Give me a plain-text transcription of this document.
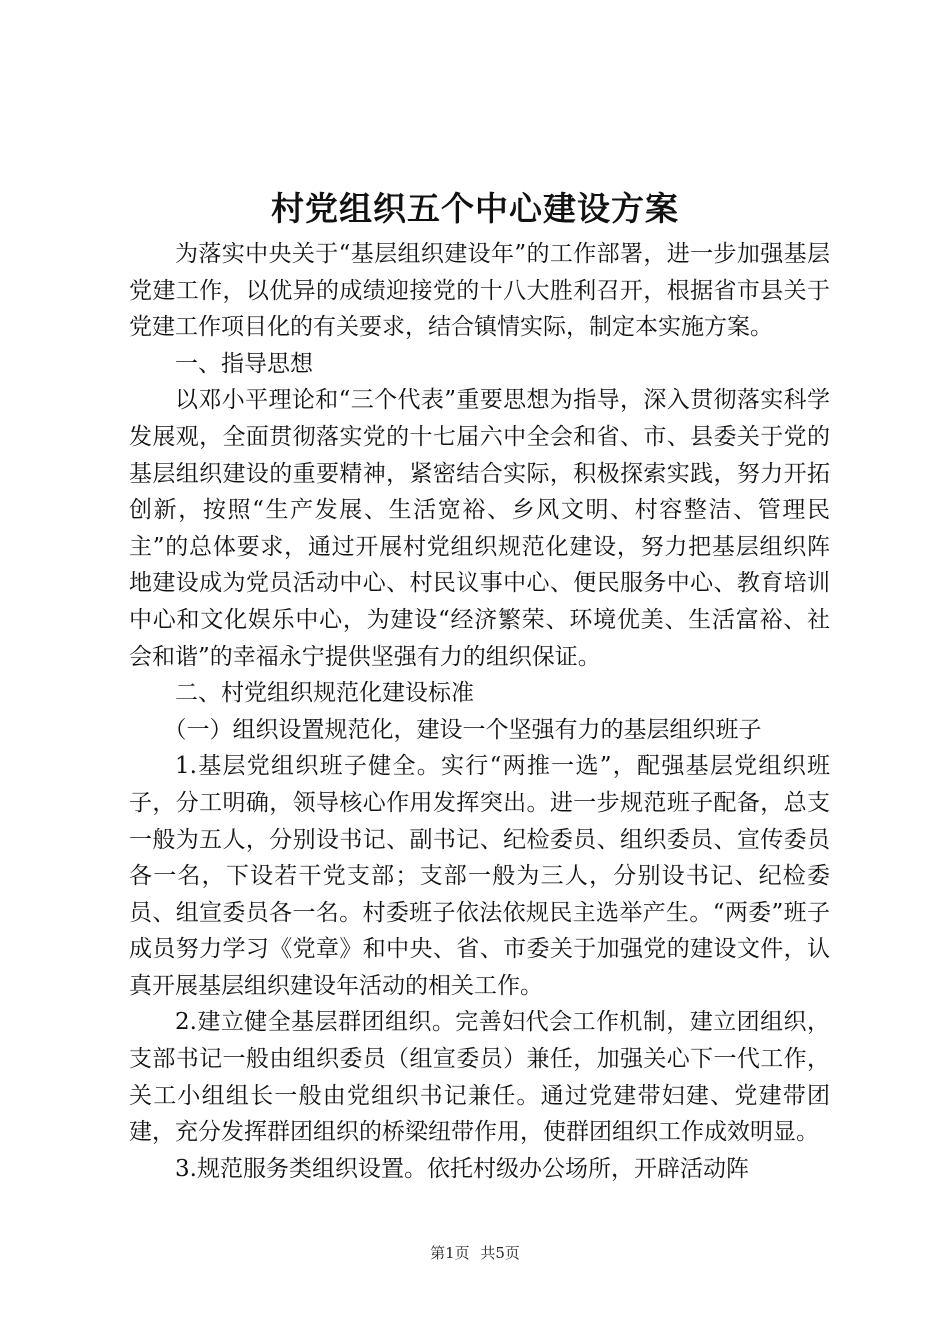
村党组织五个中心建设方案

为落实中央关于“基层组织建设年”的工作部署，进一步加强基层党建工作，以优异的成绩迎接党的十八大胜利召开，根据省市县关于党建工作项目化的有关要求，结合镇情实际，制定本实施方案。

一、指导思想

以邓小平理论和“三个代表”重要思想为指导，深入贯彻落实科学发展观，全面贯彻落实党的十七届六中全会和省、市、县委关于党的基层组织建设的重要精神，紧密结合实际，积极探索实践，努力开拓创新，按照“生产发展、生活宽裕、乡风文明、村容整洁、管理民主”的总体要求，通过开展村党组织规范化建设，努力把基层组织阵地建设成为党员活动中心、村民议事中心、便民服务中心、教育培训中心和文化娱乐中心，为建设“经济繁荣、环境优美、生活富裕、社会和谐”的幸福永宁提供坚强有力的组织保证。

二、村党组织规范化建设标准

（一）组织设置规范化，建设一个坚强有力的基层组织班子

1.基层党组织班子健全。实行“两推一选”，配强基层党组织班子，分工明确，领导核心作用发挥突出。进一步规范班子配备，总支一般为五人，分别设书记、副书记、纪检委员、组织委员、宣传委员各一名，下设若干党支部；支部一般为三人，分别设书记、纪检委员、组宣委员各一名。村委班子依法依规民主选举产生。“两委”班子成员努力学习《党章》和中央、省、市委关于加强党的建设文件，认真开展基层组织建设年活动的相关工作。

2.建立健全基层群团组织。完善妇代会工作机制，建立团组织，支部书记一般由组织委员（组宣委员）兼任，加强关心下一代工作，关工小组组长一般由党组织书记兼任。通过党建带妇建、党建带团建，充分发挥群团组织的桥梁纽带作用，使群团组织工作成效明显。

3.规范服务类组织设置。依托村级办公场所，开辟活动阵

第1页 共5页
